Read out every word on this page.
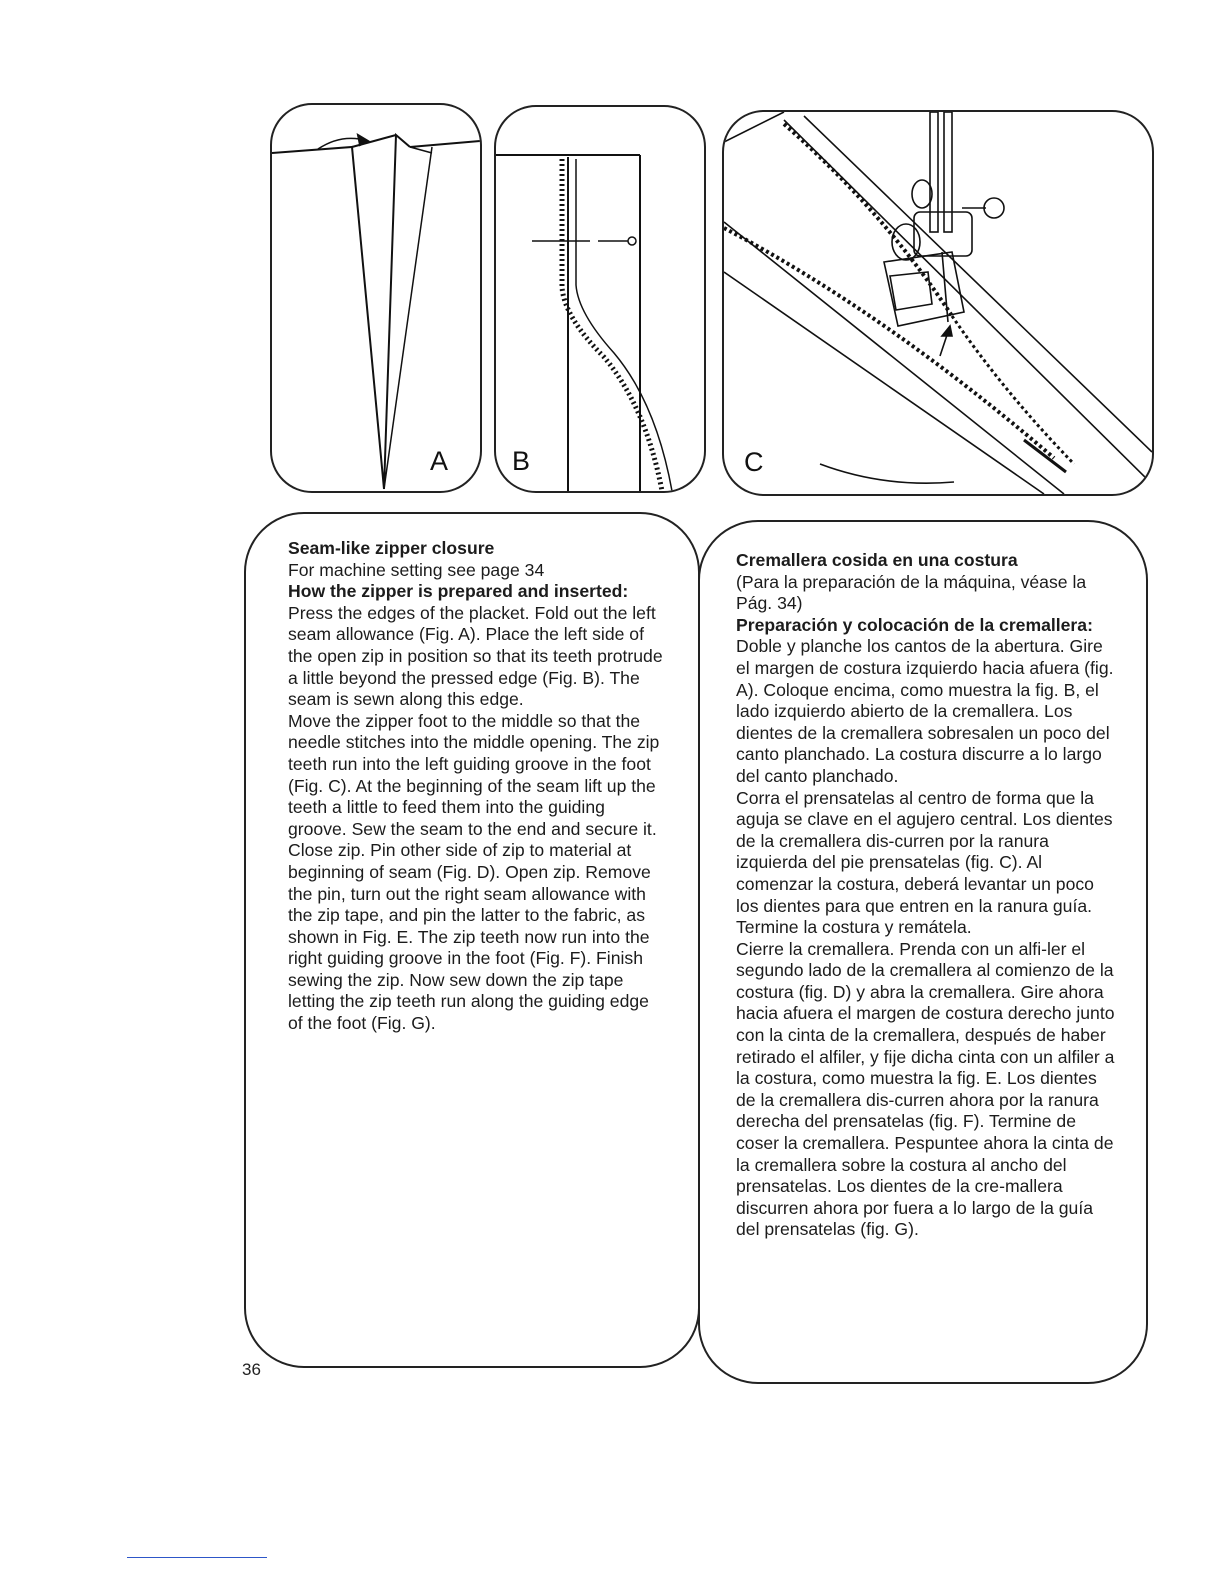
A B	C

Seam-like zipper closure

For machine setting see page 34

How the zipper is prepared and inserted:

Press the edges of the placket. Fold out the left seam allowance (Fig. A). Place the left side of the open zip in position so that its teeth protrude a little beyond the pressed edge (Fig. B). The seam is sewn along this edge.

Move the zipper foot to the middle so that the needle stitches into the middle opening. The zip teeth run into the left guiding groove in the foot (Fig. C). At the beginning of the seam lift up the teeth a little to feed them into the guiding groove. Sew the seam to the end and secure it.

Close zip. Pin other side of zip to material at beginning of seam (Fig. D). Open zip. Remove the pin, turn out the right seam allowance with the zip tape, and pin the latter to the fabric, as shown in Fig. E. The zip teeth now run into the right guiding groove in the foot (Fig. F). Finish sewing the zip. Now sew down the zip tape letting the zip teeth run along the guiding edge of the foot (Fig. G).

Cremallera cosida en una costura

(Para la preparación de la máquina, véase la Pág. 34)

Preparación y colocación de la cremallera:

Doble y planche los cantos de la abertura. Gire el margen de costura izquierdo hacia afuera (fig. A). Coloque encima, como muestra la fig. B, el lado izquierdo abierto de la cremallera. Los dientes de la cremallera sobresalen un poco del canto planchado. La costura discurre a lo largo del canto planchado.

Corra el prensatelas al centro de forma que la aguja se clave en el agujero central. Los dientes de la cremallera dis-curren por la ranura izquierda del pie prensatelas (fig. C). Al comenzar la costura, deberá levantar un poco los dientes para que entren en la ranura guía. Termine la costura y remátela.

Cierre la cremallera. Prenda con un alfi-ler el segundo lado de la cremallera al comienzo de la costura (fig. D) y abra la cremallera. Gire ahora hacia afuera el margen de costura derecho junto con la cinta de la cremallera, después de haber retirado el alfiler, y fije dicha cinta con un alfiler a la costura, como muestra la fig. E. Los dientes de la cremallera dis-curren ahora por la ranura derecha del prensatelas (fig. F). Termine de coser la cremallera. Pespuntee ahora la cinta de la cremallera sobre la costura al ancho del prensatelas. Los dientes de la cre-mallera discurren ahora por fuera a lo largo de la guía del prensatelas (fig. G).

36
